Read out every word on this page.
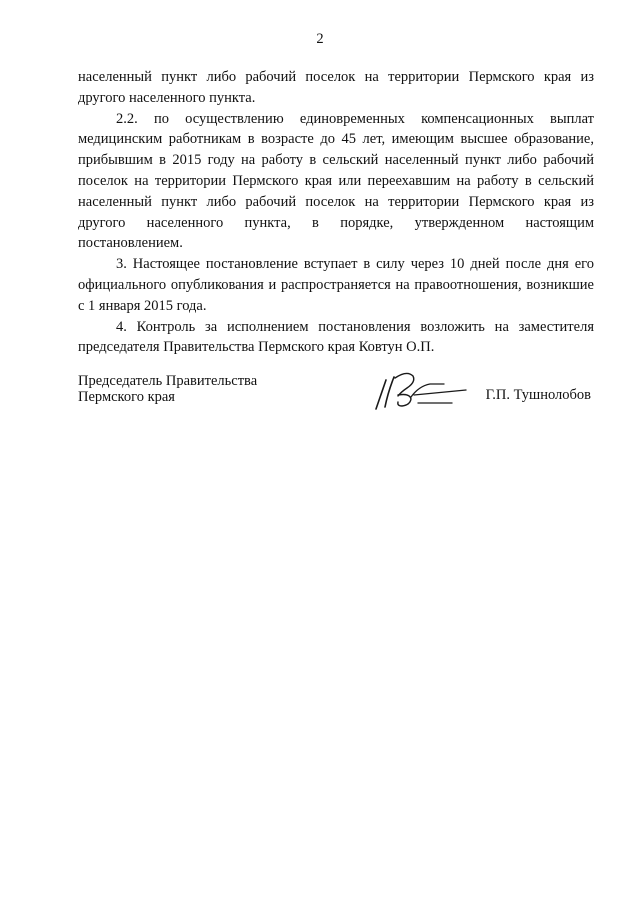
2

населенный пункт либо рабочий поселок на территории Пермского края из другого населенного пункта.

2.2. по осуществлению единовременных компенсационных выплат медицинским работникам в возрасте до 45 лет, имеющим высшее образование, прибывшим в 2015 году на работу в сельский населенный пункт либо рабочий поселок на территории Пермского края или переехавшим на работу в сельский населенный пункт либо рабочий поселок на территории Пермского края из другого населенного пункта, в порядке, утвержденном настоящим постановлением.

3. Настоящее постановление вступает в силу через 10 дней после дня его официального опубликования и распространяется на правоотношения, возникшие с 1 января 2015 года.

4. Контроль за исполнением постановления возложить на заместителя председателя Правительства Пермского края Ковтун О.П.

Председатель Правительства
Пермского края	Г.П. Тушнолобов
